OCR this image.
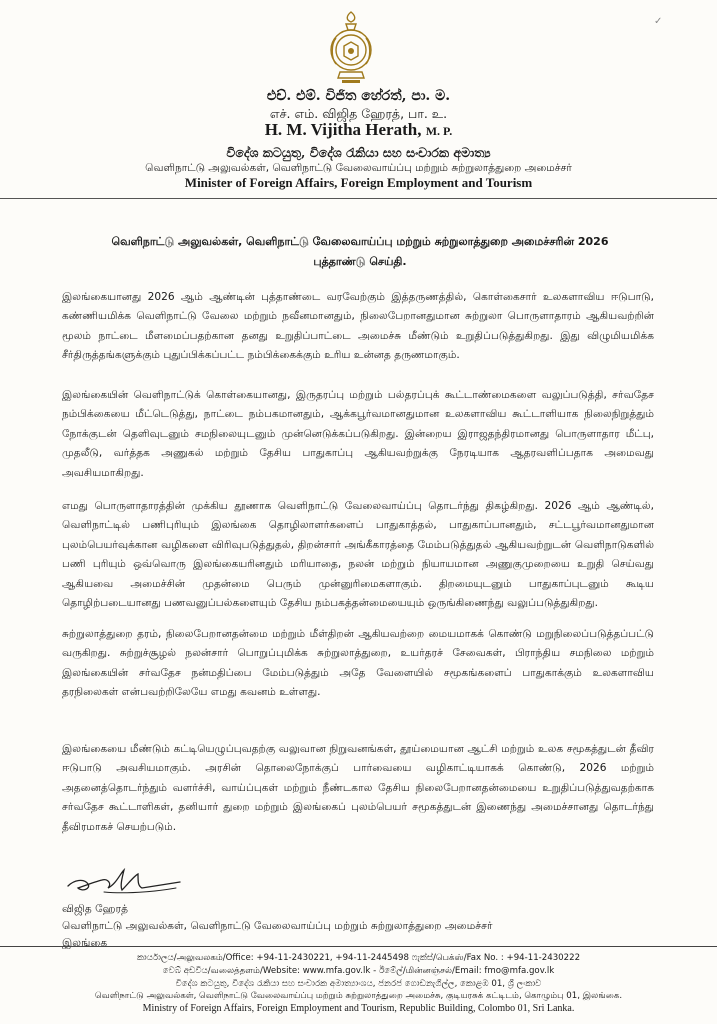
✓
එච්. එම්. විජිත හේරත්, පා. ම.
எச். எம். விஜித ஹேரத், பா. உ.
H. M. Vijitha Herath, M. P.
විදේශ කටයුතු, විදේශ රැකියා සහ සංචාරක අමාත්‍ය
வெளிநாட்டு அலுவல்கள், வெளிநாட்டு வேலைவாய்ப்பு மற்றும் சுற்றுலாத்துறை அமைச்சர்
Minister of Foreign Affairs, Foreign Employment and Tourism
வெளிநாட்டு அலுவல்கள், வெளிநாட்டு வேலைவாய்ப்பு மற்றும் சுற்றுலாத்துறை அமைச்சரின் 2026
புத்தாண்டு செய்தி.

இலங்கையானது 2026 ஆம் ஆண்டின் புத்தாண்டை வரவேற்கும் இத்தருணத்தில், கொள்கைசார் உலகளாவிய ஈடுபாடு, கண்ணியமிக்க வெளிநாட்டு வேலை மற்றும் நவீனமானதும், நிலைபேறானதுமான சுற்றுலா பொருளாதாரம் ஆகியவற்றின் மூலம் நாட்டை மீளமைப்பதற்கான தனது உறுதிப்பாட்டை அமைச்சு மீண்டும் உறுதிப்படுத்துகிறது. இது விழுமியமிக்க சீர்திருத்தங்களுக்கும் புதுப்பிக்கப்பட்ட நம்பிக்கைக்கும் உரிய உன்னத தருணமாகும்.

இலங்கையின் வெளிநாட்டுக் கொள்கையானது, இருதரப்பு மற்றும் பல்தரப்புக் கூட்டாண்மைகளை வலுப்படுத்தி, சர்வதேச நம்பிக்கையை மீட்டெடுத்து, நாட்டை நம்பகமானதும், ஆக்கபூர்வமானதுமான உலகளாவிய கூட்டாளியாக நிலைநிறுத்தும் நோக்குடன் தெளிவுடனும் சமநிலையுடனும் முன்னெடுக்கப்படுகிறது. இன்றைய இராஜதந்திரமானது பொருளாதார மீட்பு, முதலீடு, வர்த்தக அணுகல் மற்றும் தேசிய பாதுகாப்பு ஆகியவற்றுக்கு நேரடியாக ஆதரவளிப்பதாக அமைவது அவசியமாகிறது.

எமது பொருளாதாரத்தின் முக்கிய தூணாக வெளிநாட்டு வேலைவாய்ப்பு தொடர்ந்து திகழ்கிறது. 2026 ஆம் ஆண்டில், வெளிநாட்டில் பணிபுரியும் இலங்கை தொழிலாளர்களைப் பாதுகாத்தல், பாதுகாப்பானதும், சட்டபூர்வமானதுமான புலம்பெயர்வுக்கான வழிகளை விரிவுபடுத்துதல், திறன்சார் அங்கீகாரத்தை மேம்படுத்துதல் ஆகியவற்றுடன் வெளிநாடுகளில் பணி புரியும் ஒவ்வொரு இலங்கையரினதும் மரியாதை, நலன் மற்றும் நியாயமான அணுகுமுறையை உறுதி செய்வது ஆகியவை அமைச்சின் முதன்மை பெரும் முன்னுரிமைகளாகும். திறமையுடனும் பாதுகாப்புடனும் கூடிய தொழிற்படையானது பணவனுப்பல்களையும் தேசிய நம்பகத்தன்மையையும் ஒருங்கிணைந்து வலுப்படுத்துகிறது.

சுற்றுலாத்துறை தரம், நிலைபேறானதன்மை மற்றும் மீள்திறன் ஆகியவற்றை மையமாகக் கொண்டு மறுநிலைப்படுத்தப்பட்டு வருகிறது. சுற்றுச்சூழல் நலன்சார் பொறுப்புமிக்க சுற்றுலாத்துறை, உயர்தரச் சேவைகள், பிராந்திய சமநிலை மற்றும் இலங்கையின் சர்வதேச நன்மதிப்பை மேம்படுத்தும் அதே வேளையில் சமூகங்களைப் பாதுகாக்கும் உலகளாவிய தரநிலைகள் என்பவற்றிலேயே எமது கவனம் உள்ளது.

இலங்கையை மீண்டும் கட்டியெழுப்புவதற்கு வலுவான நிறுவனங்கள், தூய்மையான ஆட்சி மற்றும் உலக சமூகத்துடன் தீவிர ஈடுபாடு அவசியமாகும். அரசின் தொலைநோக்குப் பார்வையை வழிகாட்டியாகக் கொண்டு, 2026 மற்றும் அதனைத்தொடர்ந்தும் வளர்ச்சி, வாய்ப்புகள் மற்றும் நீண்டகால தேசிய நிலைபேறானதன்மையை உறுதிப்படுத்துவதற்காக சர்வதேச கூட்டாளிகள், தனியார் துறை மற்றும் இலங்கைப் புலம்பெயர் சமூகத்துடன் இணைந்து அமைச்சானது தொடர்ந்து தீவிரமாகச் செயற்படும்.

விஜித ஹேரத்
வெளிநாட்டு அலுவல்கள், வெளிநாட்டு வேலைவாய்ப்பு மற்றும் சுற்றுலாத்துறை அமைச்சர்
இலங்கை
කාර්යාලය/அலுவலகம்/Office: +94-11-2430221, +94-11-2445498 ෆැක්ස්/பெக்ஸ்/Fax No. : +94-11-2430222
වෙබ් අඩවිය/வலைத்தளம்/Website: www.mfa.gov.lk - ඊමේල්/மின்னஞ்சல்/Email: fmo@mfa.gov.lk
විදේශ කටයුතු, විදේශ රැකියා සහ සංචාරක අමාත්‍යාංශය, ජනරජ ගොඩනැගිල්ල, කොළඹ 01, ශ්‍රී ලංකාව
வெளிநாட்டு அலுவல்கள், வெளிநாட்டு வேலைவாய்ப்பு மற்றும் சுற்றுலாத்துறை அமைச்சு, குடியரசுக் கட்டிடம், கொழும்பு 01, இலங்கை.
Ministry of Foreign Affairs, Foreign Employment and Tourism, Republic Building, Colombo 01, Sri Lanka.
